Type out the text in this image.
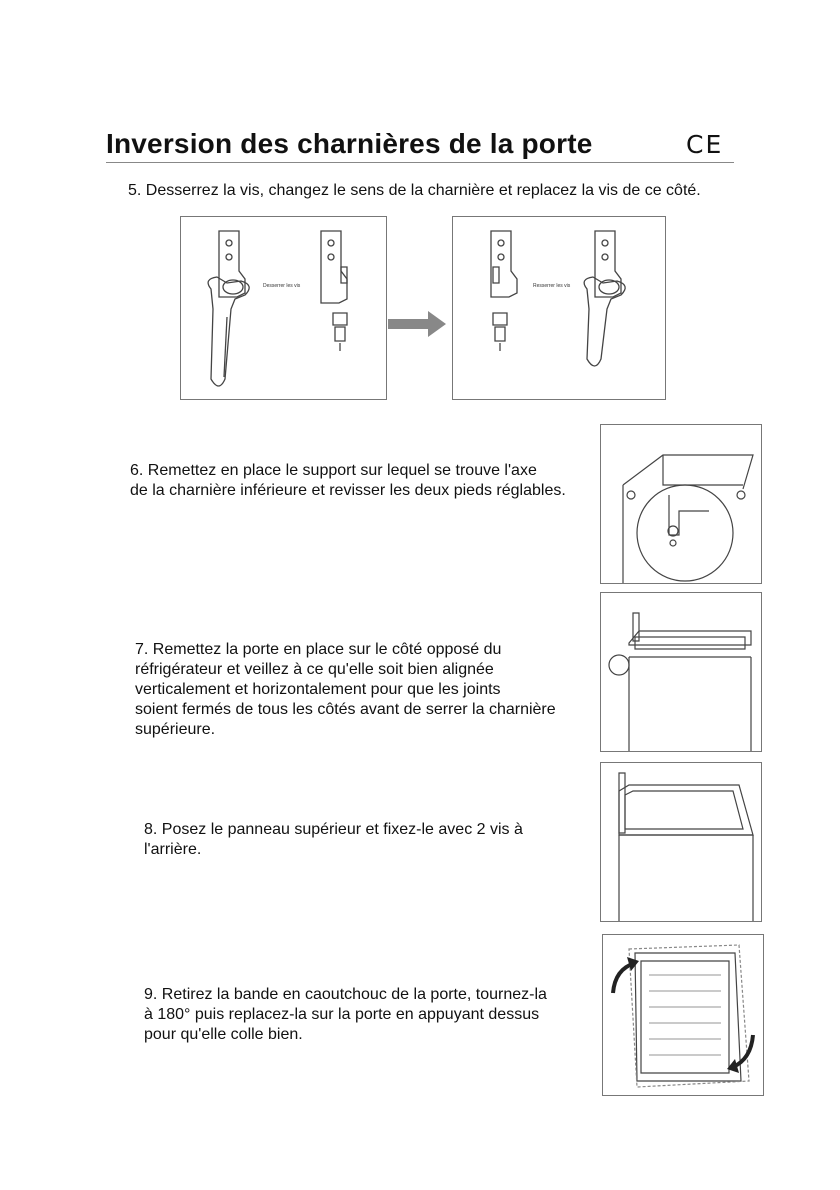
Inversion des charnières de la porte	CE

5. Desserrez la vis, changez le sens de la charnière et replacez la vis de ce côté.

Desserrer les vis	Resserrer les vis

6. Remettez en place le support sur lequel se trouve l'axe
de la charnière inférieure et revisser les deux pieds réglables.

7. Remettez la porte en place sur le côté opposé du
réfrigérateur et veillez à ce qu'elle soit bien alignée
verticalement et horizontalement pour que les joints
soient fermés de tous les côtés avant de serrer la charnière
supérieure.

8. Posez le panneau supérieur et fixez-le avec 2 vis à
l'arrière.

9. Retirez la bande en caoutchouc de la porte, tournez-la
à 180° puis replacez-la sur la porte en appuyant dessus
pour qu'elle colle bien.
